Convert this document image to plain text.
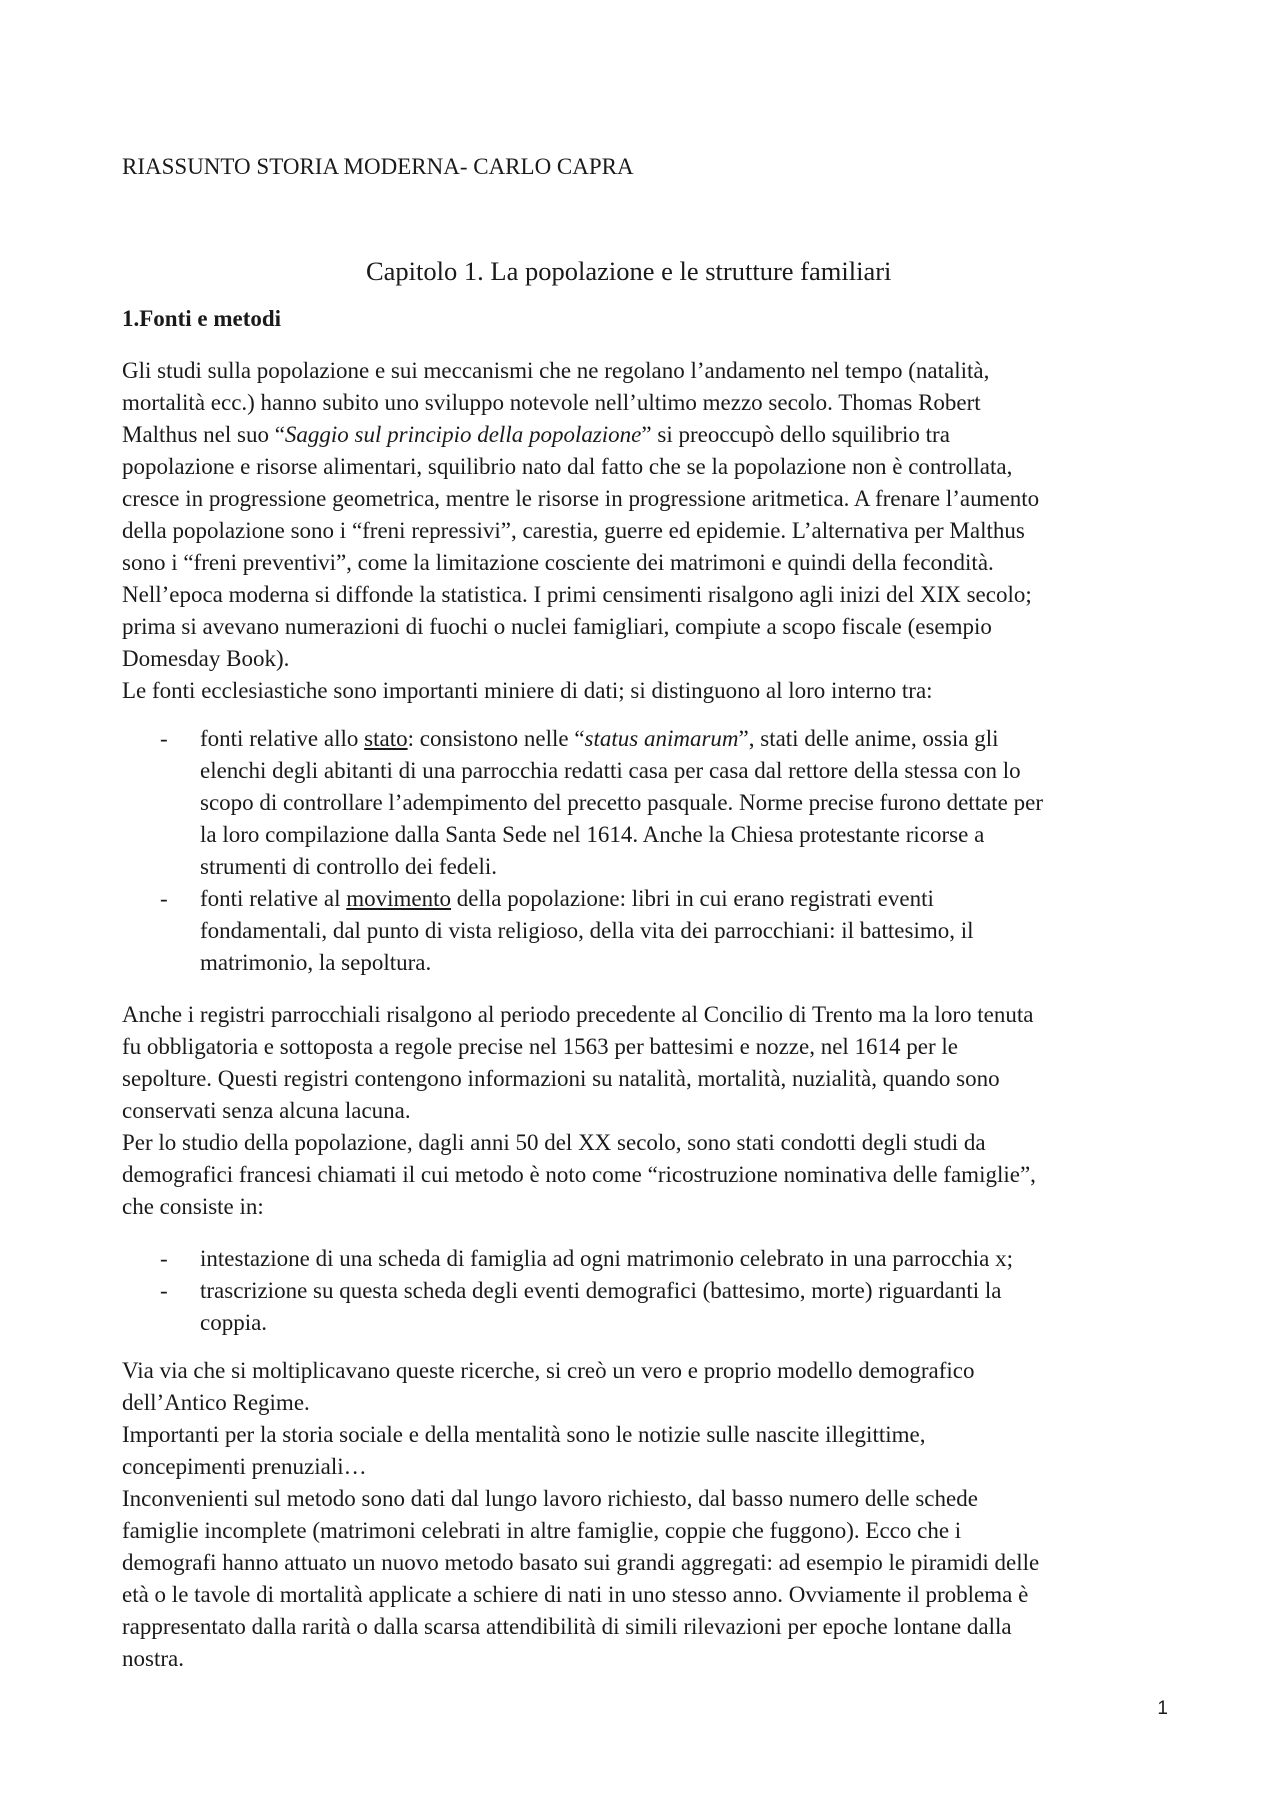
RIASSUNTO STORIA MODERNA- CARLO CAPRA
Capitolo 1. La popolazione e le strutture familiari
1.Fonti e metodi

Gli studi sulla popolazione e sui meccanismi che ne regolano l’andamento nel tempo (natalità,

mortalità ecc.) hanno subito uno sviluppo notevole nell’ultimo mezzo secolo. Thomas Robert

Malthus nel suo “Saggio sul principio della popolazione” si preoccupò dello squilibrio tra

popolazione e risorse alimentari, squilibrio nato dal fatto che se la popolazione non è controllata,

cresce in progressione geometrica, mentre le risorse in progressione aritmetica. A frenare l’aumento

della popolazione sono i “freni repressivi”, carestia, guerre ed epidemie. L’alternativa per Malthus

sono i “freni preventivi”, come la limitazione cosciente dei matrimoni e quindi della fecondità.

Nell’epoca moderna si diffonde la statistica. I primi censimenti risalgono agli inizi del XIX secolo;

prima si avevano numerazioni di fuochi o nuclei famigliari, compiute a scopo fiscale (esempio

Domesday Book).

Le fonti ecclesiastiche sono importanti miniere di dati; si distinguono al loro interno tra:

- fonti relative allo stato: consistono nelle “status animarum”, stati delle anime, ossia gli
elenchi degli abitanti di una parrocchia redatti casa per casa dal rettore della stessa con lo
scopo di controllare l’adempimento del precetto pasquale. Norme precise furono dettate per
la loro compilazione dalla Santa Sede nel 1614. Anche la Chiesa protestante ricorse a
strumenti di controllo dei fedeli.
- fonti relative al movimento della popolazione: libri in cui erano registrati eventi
fondamentali, dal punto di vista religioso, della vita dei parrocchiani: il battesimo, il
matrimonio, la sepoltura.

Anche i registri parrocchiali risalgono al periodo precedente al Concilio di Trento ma la loro tenuta

fu obbligatoria e sottoposta a regole precise nel 1563 per battesimi e nozze, nel 1614 per le

sepolture. Questi registri contengono informazioni su natalità, mortalità, nuzialità, quando sono

conservati senza alcuna lacuna.

Per lo studio della popolazione, dagli anni 50 del XX secolo, sono stati condotti degli studi da

demografici francesi chiamati il cui metodo è noto come “ricostruzione nominativa delle famiglie”,

che consiste in:

- intestazione di una scheda di famiglia ad ogni matrimonio celebrato in una parrocchia x;
- trascrizione su questa scheda degli eventi demografici (battesimo, morte) riguardanti la
coppia.

Via via che si moltiplicavano queste ricerche, si creò un vero e proprio modello demografico

dell’Antico Regime.

Importanti per la storia sociale e della mentalità sono le notizie sulle nascite illegittime,

concepimenti prenuziali…

Inconvenienti sul metodo sono dati dal lungo lavoro richiesto, dal basso numero delle schede

famiglie incomplete (matrimoni celebrati in altre famiglie, coppie che fuggono). Ecco che i

demografi hanno attuato un nuovo metodo basato sui grandi aggregati: ad esempio le piramidi delle

età o le tavole di mortalità applicate a schiere di nati in uno stesso anno. Ovviamente il problema è

rappresentato dalla rarità o dalla scarsa attendibilità di simili rilevazioni per epoche lontane dalla

nostra.

1
